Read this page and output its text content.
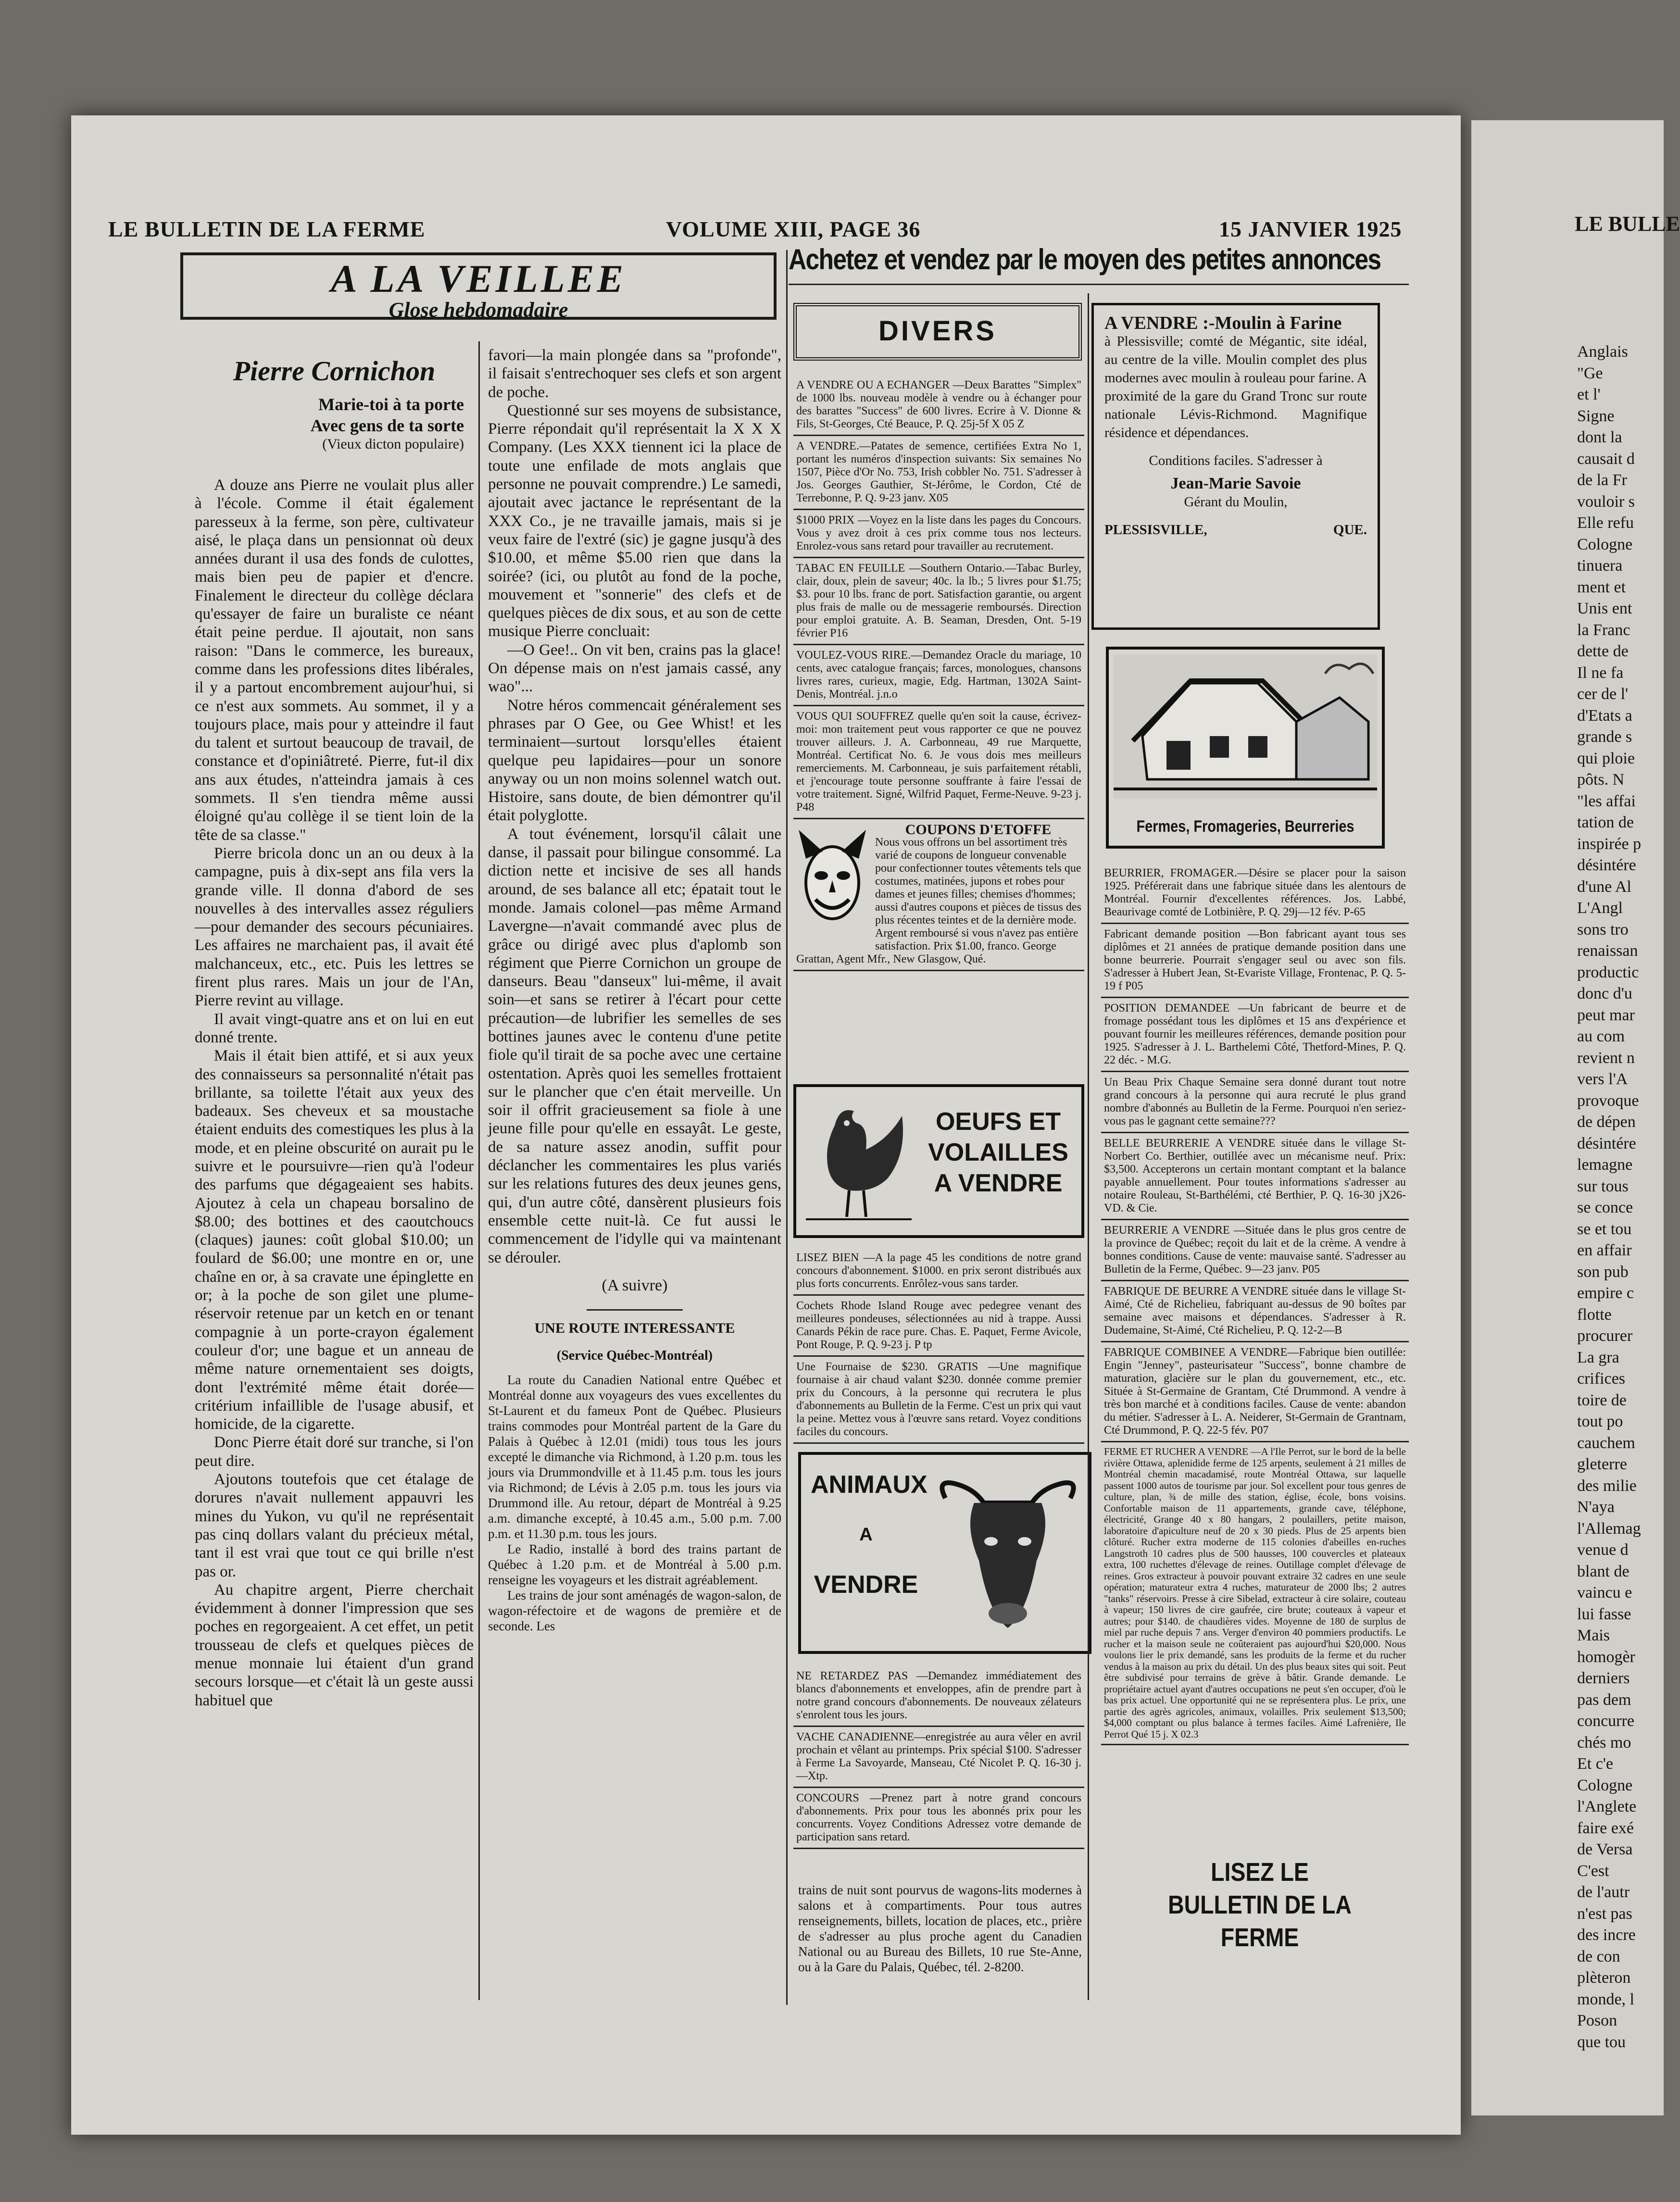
LE BULLETIN DE LA FERME	VOLUME XIII, PAGE 36	15 JANVIER 1925
A LA VEILLEE
Glose hebdomadaire
Pierre Cornichon
Marie-toi à ta porte
Avec gens de ta sorte
(Vieux dicton populaire)

A douze ans Pierre ne voulait plus aller à l'école. Comme il était également paresseux à la ferme, son père, cultivateur aisé, le plaça dans un pensionnat où deux années durant il usa des fonds de culottes, mais bien peu de papier et d'encre. Finalement le directeur du collège déclara qu'essayer de faire un buraliste ce néant était peine perdue. Il ajoutait, non sans raison: "Dans le commerce, les bureaux, comme dans les professions dites libérales, il y a partout encombrement aujour'hui, si ce n'est aux sommets. Au sommet, il y a toujours place, mais pour y atteindre il faut du talent et surtout beaucoup de travail, de constance et d'opiniâtreté. Pierre, fut-il dix ans aux études, n'atteindra jamais à ces sommets. Il s'en tiendra même aussi éloigné qu'au collège il se tient loin de la tête de sa classe."

Pierre bricola donc un an ou deux à la campagne, puis à dix-sept ans fila vers la grande ville. Il donna d'abord de ses nouvelles à des intervalles assez réguliers—pour demander des secours pécuniaires. Les affaires ne marchaient pas, il avait été malchanceux, etc., etc. Puis les lettres se firent plus rares. Mais un jour de l'An, Pierre revint au village.

Il avait vingt-quatre ans et on lui en eut donné trente.

Mais il était bien attifé, et si aux yeux des connaisseurs sa personnalité n'était pas brillante, sa toilette l'était aux yeux des badeaux. Ses cheveux et sa moustache étaient enduits des comestiques les plus à la mode, et en pleine obscurité on aurait pu le suivre et le poursuivre—rien qu'à l'odeur des parfums que dégageaient ses habits. Ajoutez à cela un chapeau borsalino de $8.00; des bottines et des caoutchoucs (claques) jaunes: coût global $10.00; un foulard de $6.00; une montre en or, une chaîne en or, à sa cravate une épinglette en or; à la poche de son gilet une plume-réservoir retenue par un ketch en or tenant compagnie à un porte-crayon également couleur d'or; une bague et un anneau de même nature ornementaient ses doigts, dont l'extrémité même était dorée—critérium infaillible de l'usage abusif, et homicide, de la cigarette.

Donc Pierre était doré sur tranche, si l'on peut dire.

Ajoutons toutefois que cet étalage de dorures n'avait nullement appauvri les mines du Yukon, vu qu'il ne représentait pas cinq dollars valant du précieux métal, tant il est vrai que tout ce qui brille n'est pas or.

Au chapitre argent, Pierre cherchait évidemment à donner l'impression que ses poches en regorgeaient. A cet effet, un petit trousseau de clefs et quelques pièces de menue monnaie lui étaient d'un grand secours lorsque—et c'était là un geste aussi habituel que

favori—la main plongée dans sa "profonde", il faisait s'entrechoquer ses clefs et son argent de poche.

Questionné sur ses moyens de subsistance, Pierre répondait qu'il représentait la X X X Company. (Les XXX tiennent ici la place de toute une enfilade de mots anglais que personne ne pouvait comprendre.) Le samedi, ajoutait avec jactance le représentant de la XXX Co., je ne travaille jamais, mais si je veux faire de l'extré (sic) je gagne jusqu'à des $10.00, et même $5.00 rien que dans la soirée? (ici, ou plutôt au fond de la poche, mouvement et "sonnerie" des clefs et de quelques pièces de dix sous, et au son de cette musique Pierre concluait:

—O Gee!.. On vit ben, crains pas la glace! On dépense mais on n'est jamais cassé, any wao"...

Notre héros commencait généralement ses phrases par O Gee, ou Gee Whist! et les terminaient—surtout lorsqu'elles étaient quelque peu lapidaires—pour un sonore anyway ou un non moins solennel watch out. Histoire, sans doute, de bien démontrer qu'il était polyglotte.

A tout événement, lorsqu'il câlait une danse, il passait pour bilingue consommé. La diction nette et incisive de ses all hands around, de ses balance all etc; épatait tout le monde. Jamais colonel—pas même Armand Lavergne—n'avait commandé avec plus de grâce ou dirigé avec plus d'aplomb son régiment que Pierre Cornichon un groupe de danseurs. Beau "danseux" lui-même, il avait soin—et sans se retirer à l'écart pour cette précaution—de lubrifier les semelles de ses bottines jaunes avec le contenu d'une petite fiole qu'il tirait de sa poche avec une certaine ostentation. Après quoi les semelles frottaient sur le plancher que c'en était merveille. Un soir il offrit gracieusement sa fiole à une jeune fille pour qu'elle en essayât. Le geste, de sa nature assez anodin, suffit pour déclancher les commentaires les plus variés sur les relations futures des deux jeunes gens, qui, d'un autre côté, dansèrent plusieurs fois ensemble cette nuit-là. Ce fut aussi le commencement de l'idylle qui va maintenant se dérouler.

(A suivre)
UNE ROUTE INTERESSANTE
(Service Québec-Montréal)

La route du Canadien National entre Québec et Montréal donne aux voyageurs des vues excellentes du St-Laurent et du fameux Pont de Québec. Plusieurs trains commodes pour Montréal partent de la Gare du Palais à Québec à 12.01 (midi) tous tous les jours excepté le dimanche via Richmond, à 1.20 p.m. tous les jours via Drummondville et à 11.45 p.m. tous les jours via Richmond; de Lévis à 2.05 p.m. tous les jours via Drummond ille. Au retour, départ de Montréal à 9.25 a.m. dimanche excepté, à 10.45 a.m., 5.00 p.m. 7.00 p.m. et 11.30 p.m. tous les jours.

Le Radio, installé à bord des trains partant de Québec à 1.20 p.m. et de Montréal à 5.00 p.m. renseigne les voyageurs et les distrait agréablement.

Les trains de jour sont aménagés de wagon-salon, de wagon-réfectoire et de wagons de première et de seconde. Les

Achetez et vendez par le moyen des petites annonces
DIVERS

A VENDRE OU A ECHANGER —Deux Barattes "Simplex" de 1000 lbs. nouveau modèle à vendre ou à échanger pour des barattes "Success" de 600 livres. Ecrire à V. Dionne & Fils, St-Georges, Cté Beauce, P. Q. 25j-5f X 05 Z

A VENDRE.—Patates de semence, certifiées Extra No 1, portant les numéros d'inspection suivants: Six semaines No 1507, Pièce d'Or No. 753, Irish cobbler No. 751. S'adresser à Jos. Georges Gauthier, St-Jérôme, le Cordon, Cté de Terrebonne, P. Q. 9-23 janv. X05

$1000 PRIX —Voyez en la liste dans les pages du Concours. Vous y avez droit à ces prix comme tous nos lecteurs. Enrolez-vous sans retard pour travailler au recrutement.

TABAC EN FEUILLE —Southern Ontario.—Tabac Burley, clair, doux, plein de saveur; 40c. la lb.; 5 livres pour $1.75; $3. pour 10 lbs. franc de port. Satisfaction garantie, ou argent plus frais de malle ou de messagerie remboursés. Direction pour emploi gratuite. A. B. Seaman, Dresden, Ont. 5-19 février P16

VOULEZ-VOUS RIRE.—Demandez Oracle du mariage, 10 cents, avec catalogue français; farces, monologues, chansons livres rares, curieux, magie, Edg. Hartman, 1302A Saint-Denis, Montréal. j.n.o

VOUS QUI SOUFFREZ quelle qu'en soit la cause, écrivez-moi: mon traitement peut vous rapporter ce que ne pouvez trouver ailleurs. J. A. Carbonneau, 49 rue Marquette, Montréal. Certificat No. 6. Je vous dois mes meilleurs remerciements. M. Carbonneau, je suis parfaitement rétabli, et j'encourage toute personne souffrante à faire l'essai de votre traitement. Signé, Wilfrid Paquet, Ferme-Neuve. 9-23 j. P48

COUPONS D'ETOFFE
Nous vous offrons un bel assortiment très varié de coupons de longueur convenable pour confectionner toutes vêtements tels que costumes, matinées, jupons et robes pour dames et jeunes filles; chemises d'hommes; aussi d'autres coupons et pièces de tissus des plus récentes teintes et de la dernière mode. Argent remboursé si vous n'avez pas entière satisfaction. Prix $1.00, franco. George Grattan, Agent Mfr., New Glasgow, Qué.
OEUFS ET
VOLAILLES
A VENDRE

LISEZ BIEN —A la page 45 les conditions de notre grand concours d'abonnement. $1000. en prix seront distribués aux plus forts concurrents. Enrôlez-vous sans tarder.

Cochets Rhode Island Rouge avec pedegree venant des meilleures pondeuses, sélectionnées au nid à trappe. Aussi Canards Pékin de race pure. Chas. E. Paquet, Ferme Avicole, Pont Rouge, P. Q. 9-23 j. P tp

Une Fournaise de $230. GRATIS —Une magnifique fournaise à air chaud valant $230. donnée comme premier prix du Concours, à la personne qui recrutera le plus d'abonnements au Bulletin de la Ferme. C'est un prix qui vaut la peine. Mettez vous à l'œuvre sans retard. Voyez conditions faciles du concours.

ANIMAUX
A
VENDRE

NE RETARDEZ PAS —Demandez immédiatement des blancs d'abonnements et enveloppes, afin de prendre part à notre grand concours d'abonnements. De nouveaux zélateurs s'enrolent tous les jours.

VACHE CANADIENNE—enregistrée au aura vêler en avril prochain et vêlant au printemps. Prix spécial $100. S'adresser à Ferme La Savoyarde, Manseau, Cté Nicolet P. Q. 16-30 j.—Xtp.

CONCOURS —Prenez part à notre grand concours d'abonnements. Prix pour tous les abonnés prix pour les concurrents. Voyez Conditions Adressez votre demande de participation sans retard.

trains de nuit sont pourvus de wagons-lits modernes à salons et à compartiments. Pour tous autres renseignements, billets, location de places, etc., prière de s'adresser au plus proche agent du Canadien National ou au Bureau des Billets, 10 rue Ste-Anne, ou à la Gare du Palais, Québec, tél. 2-8200.
A VENDRE :-Moulin à Farine
à Plessisville; comté de Mégantic, site idéal, au centre de la ville. Moulin complet des plus modernes avec moulin à rouleau pour farine. A proximité de la gare du Grand Tronc sur route nationale Lévis-Richmond. Magnifique résidence et dépendances.
Conditions faciles. S'adresser à
Jean-Marie Savoie
Gérant du Moulin,
PLESSISVILLE,	QUE.
Fermes, Fromageries, Beurreries

BEURRIER, FROMAGER.—Désire se placer pour la saison 1925. Préférerait dans une fabrique située dans les alentours de Montréal. Fournir d'excellentes références. Jos. Labbé, Beaurivage comté de Lotbinière, P. Q. 29j—12 fév. P-65

Fabricant demande position —Bon fabricant ayant tous ses diplômes et 21 années de pratique demande position dans une bonne beurrerie. Pourrait s'engager seul ou avec son fils. S'adresser à Hubert Jean, St-Evariste Village, Frontenac, P. Q. 5-19 f P05

POSITION DEMANDEE —Un fabricant de beurre et de fromage possédant tous les diplômes et 15 ans d'expérience et pouvant fournir les meilleures références, demande position pour 1925. S'adresser à J. L. Barthelemi Côté, Thetford-Mines, P. Q. 22 déc. - M.G.

Un Beau Prix Chaque Semaine sera donné durant tout notre grand concours à la personne qui aura recruté le plus grand nombre d'abonnés au Bulletin de la Ferme. Pourquoi n'en seriez-vous pas le gagnant cette semaine???

BELLE BEURRERIE A VENDRE située dans le village St-Norbert Co. Berthier, outillée avec un mécanisme neuf. Prix: $3,500. Accepterons un certain montant comptant et la balance payable annuellement. Pour toutes informations s'adresser au notaire Rouleau, St-Barthélémi, cté Berthier, P. Q. 16-30 jX26-VD. & Cie.

BEURRERIE A VENDRE —Située dans le plus gros centre de la province de Québec; reçoit du lait et de la crème. A vendre à bonnes conditions. Cause de vente: mauvaise santé. S'adresser au Bulletin de la Ferme, Québec. 9—23 janv. P05

FABRIQUE DE BEURRE A VENDRE située dans le village St-Aimé, Cté de Richelieu, fabriquant au-dessus de 90 boîtes par semaine avec maisons et dépendances. S'adresser à R. Dudemaine, St-Aimé, Cté Richelieu, P. Q. 12-2—B

FABRIQUE COMBINEE A VENDRE—Fabrique bien outillée: Engin "Jenney", pasteurisateur "Success", bonne chambre de maturation, glacière sur le plan du gouvernement, etc., etc. Située à St-Germaine de Grantam, Cté Drummond. A vendre à très bon marché et à conditions faciles. Cause de vente: abandon du métier. S'adresser à L. A. Neiderer, St-Germain de Grantnam, Cté Drummond, P. Q. 22-5 fév. P07

FERME ET RUCHER A VENDRE —A l'Ile Perrot, sur le bord de la belle rivière Ottawa, aplenidide ferme de 125 arpents, seulement à 21 milles de Montréal chemin macadamisé, route Montréal Ottawa, sur laquelle passent 1000 autos de tourisme par jour. Sol excellent pour tous genres de culture, plan, ¾ de mille des station, église, école, bons voisins. Confortable maison de 11 appartements, grande cave, téléphone, électricité, Grange 40 x 80 hangars, 2 poulaillers, petite maison, laboratoire d'apiculture neuf de 20 x 30 pieds. Plus de 25 arpents bien clôturé. Rucher extra moderne de 115 colonies d'abeilles en-ruches Langstroth 10 cadres plus de 500 hausses, 100 couvercles et plateaux extra, 100 ruchettes d'élevage de reines. Outillage complet d'élevage de reines. Gros extracteur à pouvoir pouvant extraire 32 cadres en une seule opération; maturateur extra 4 ruches, maturateur de 2000 lbs; 2 autres "tanks" réservoirs. Presse à cire Sibelad, extracteur à cire solaire, couteau à vapeur; 150 livres de cire gaufrée, cire brute; couteaux à vapeur et autres; pour $140. de chaudières vides. Moyenne de 180 de surplus de miel par ruche depuis 7 ans. Verger d'environ 40 pommiers productifs. Le rucher et la maison seule ne coûteraient pas aujourd'hui $20,000. Nous voulons lier le prix demandé, sans les produits de la ferme et du rucher vendus à la maison au prix du détail. Un des plus beaux sites qui soit. Peut être subdivisé pour terrains de grève à bâtir. Grande demande. Le propriétaire actuel ayant d'autres occupations ne peut s'en occuper, d'où le bas prix actuel. Une opportunité qui ne se représentera plus. Le prix, une partie des agrès agricoles, animaux, volailles. Prix seulement $13,500; $4,000 comptant ou plus balance à termes faciles. Aimé Lafrenière, Ile Perrot Qué 15 j. X 02.3

LISEZ LE
BULLETIN DE LA FERME
LE BULLE
Anglais
"Ge
et l'
Signe
dont la
causait d
de la Fr
vouloir s
Elle refu
Cologne
tinuera
ment et
Unis ent
la Franc
dette de
Il ne fa
cer de l'
d'Etats a
grande s
qui ploie
pôts. N
"les affai
tation de
inspirée p
désintére
d'une Al
L'Angl
sons tro
renaissan
productic
donc d'u
peut mar
au com
revient n
vers l'A
provoque
de dépen
désintére
lemagne
sur tous
se conce
se et tou
en affair
son pub
empire c
flotte
procurer
La gra
crifices
toire de
tout po
cauchem
gleterre
des milie
N'aya
l'Allemag
venue d
blant de
vaincu e
lui fasse
Mais
homogèr
derniers
pas dem
concurre
chés mo
Et c'e
Cologne
l'Anglete
faire exé
de Versa
C'est
de l'autr
n'est pas
des incre
de con
plèteron
monde, l
Poson
que tou
